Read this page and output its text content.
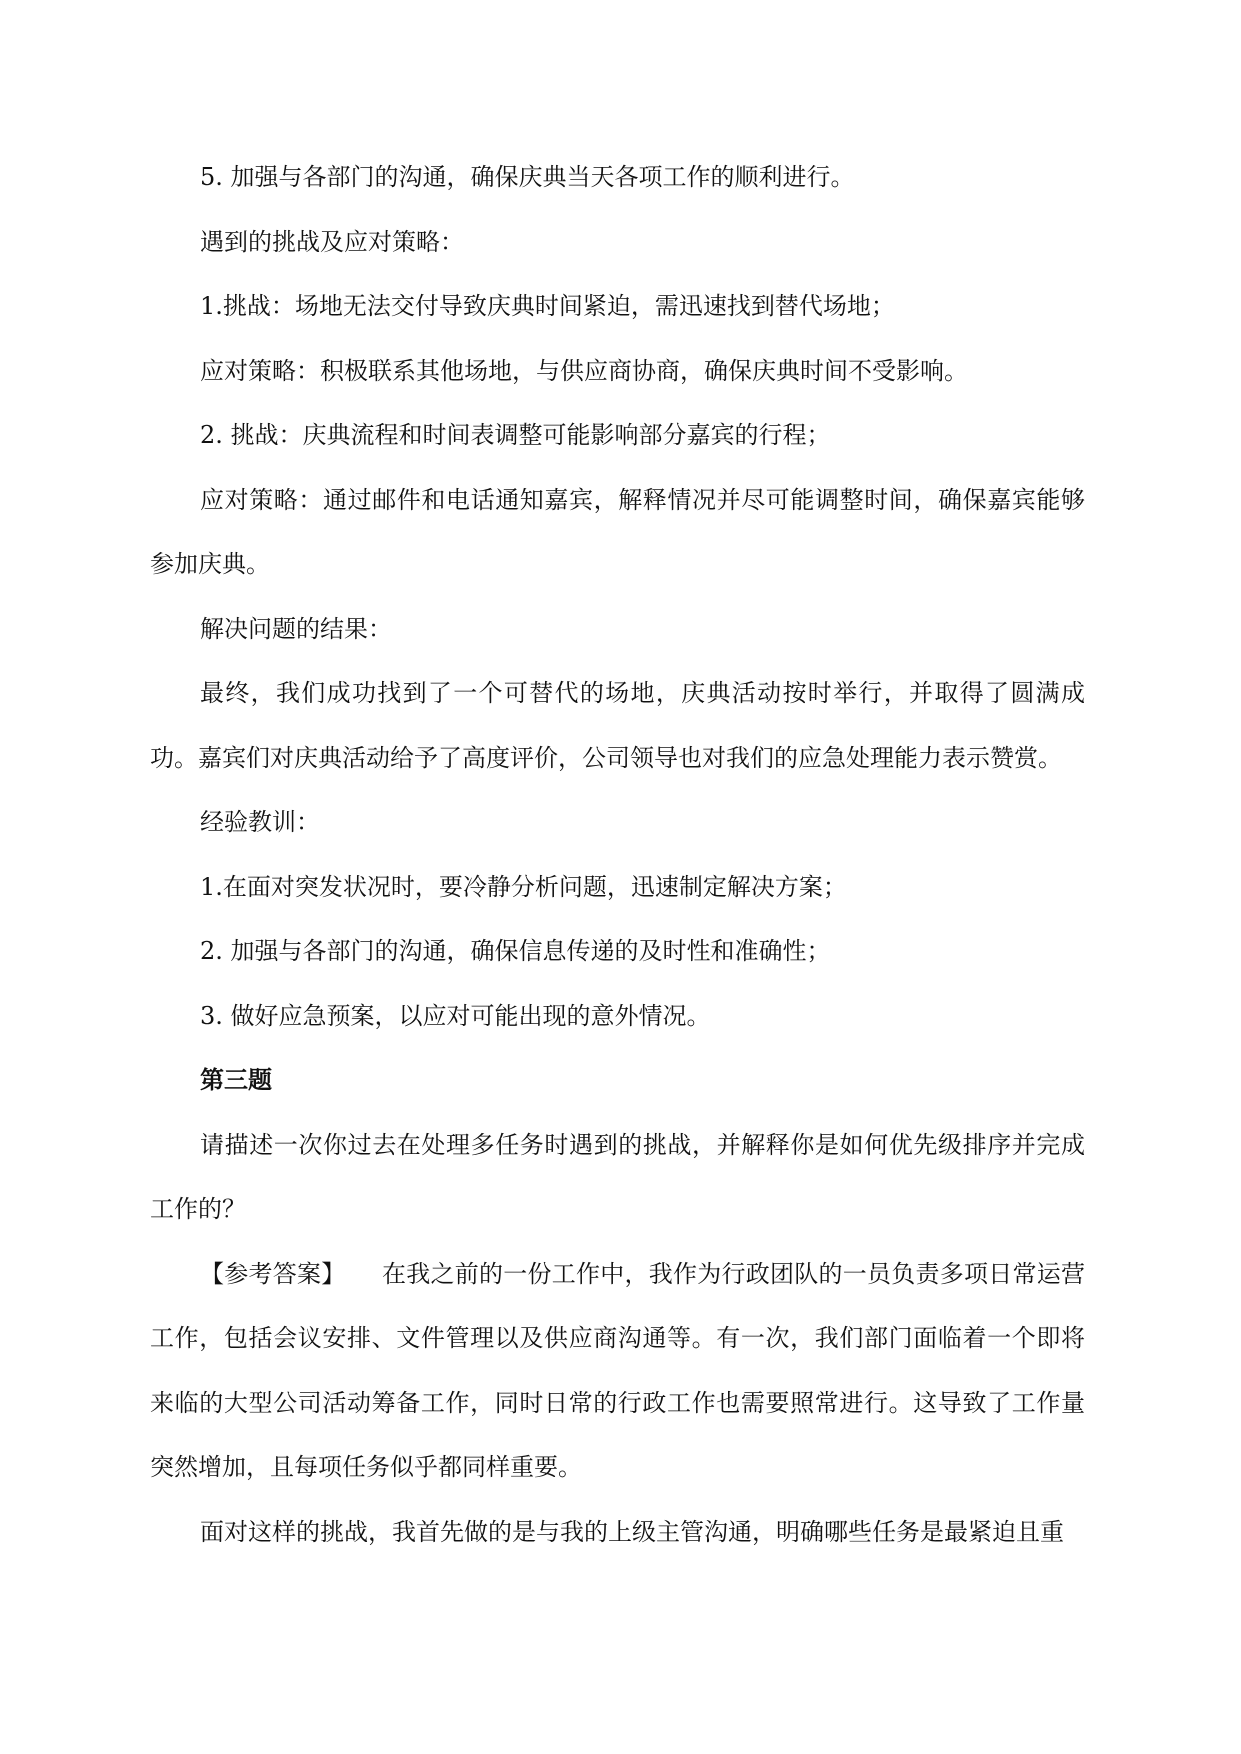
5. 加强与各部门的沟通，确保庆典当天各项工作的顺利进行。

遇到的挑战及应对策略：

1.挑战：场地无法交付导致庆典时间紧迫，需迅速找到替代场地；

应对策略：积极联系其他场地，与供应商协商，确保庆典时间不受影响。

2. 挑战：庆典流程和时间表调整可能影响部分嘉宾的行程；

应对策略：通过邮件和电话通知嘉宾，解释情况并尽可能调整时间，确保嘉宾能够参加庆典。

解决问题的结果：

最终，我们成功找到了一个可替代的场地，庆典活动按时举行，并取得了圆满成功。嘉宾们对庆典活动给予了高度评价，公司领导也对我们的应急处理能力表示赞赏。

经验教训：

1.在面对突发状况时，要冷静分析问题，迅速制定解决方案；

2. 加强与各部门的沟通，确保信息传递的及时性和准确性；

3. 做好应急预案，以应对可能出现的意外情况。

第三题

请描述一次你过去在处理多任务时遇到的挑战，并解释你是如何优先级排序并完成工作的？

【参考答案】　　在我之前的一份工作中，我作为行政团队的一员负责多项日常运营工作，包括会议安排、文件管理以及供应商沟通等。有一次，我们部门面临着一个即将来临的大型公司活动筹备工作，同时日常的行政工作也需要照常进行。这导致了工作量突然增加，且每项任务似乎都同样重要。

面对这样的挑战，我首先做的是与我的上级主管沟通，明确哪些任务是最紧迫且重
